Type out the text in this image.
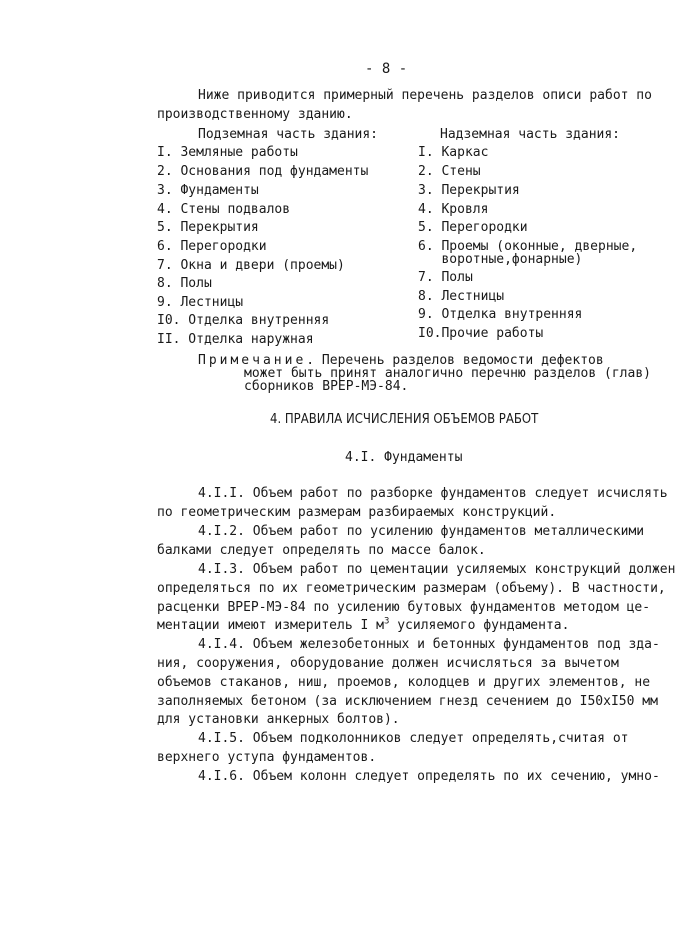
- 8 -
Ниже приводится примерный перечень разделов описи работ по
производственному зданию.
Подземная часть здания:	Надземная часть здания:
I. Земляные работы
2. Основания под фундаменты
3. Фундаменты
4. Стены подвалов
5. Перекрытия
6. Перегородки
7. Окна и двери (проемы)
8. Полы
9. Лестницы
I0. Отделка внутренняя
II. Отделка наружная
I. Каркас
2. Стены
3. Перекрытия
4. Кровля
5. Перегородки
6. Проемы (оконные, дверные,
воротные,фонарные)
7. Полы
8. Лестницы
9. Отделка внутренняя
I0.Прочие работы
Примечание. Перечень разделов ведомости дефектов
может быть принят аналогично перечню разделов (глав)
сборников ВРЕР-МЭ-84.
4. ПРАВИЛА ИСЧИСЛЕНИЯ ОБЪЕМОВ РАБОТ
4.I. Фундаменты
4.I.I. Объем работ по разборке фундаментов следует исчислять
по геометрическим размерам разбираемых конструкций.
4.I.2. Объем работ по усилению фундаментов металлическими
балками следует определять по массе балок.
4.I.3. Объем работ по цементации усиляемых конструкций должен
определяться по их геометрическим размерам (объему). В частности,
расценки ВРЕР-МЭ-84 по усилению бутовых фундаментов методом це-
ментации имеют измеритель I $м^3$ усиляемого фундамента.
4.I.4. Объем железобетонных и бетонных фундаментов под зда-
ния, сооружения, оборудование должен исчисляться за вычетом
объемов стаканов, ниш, проемов, колодцев и других элементов, не
заполняемых бетоном (за исключением гнезд сечением до I50xI50 мм
для установки анкерных болтов).
4.I.5. Объем подколонников следует определять,считая от
верхнего уступа фундаментов.
4.I.6. Объем колонн следует определять по их сечению, умно-
